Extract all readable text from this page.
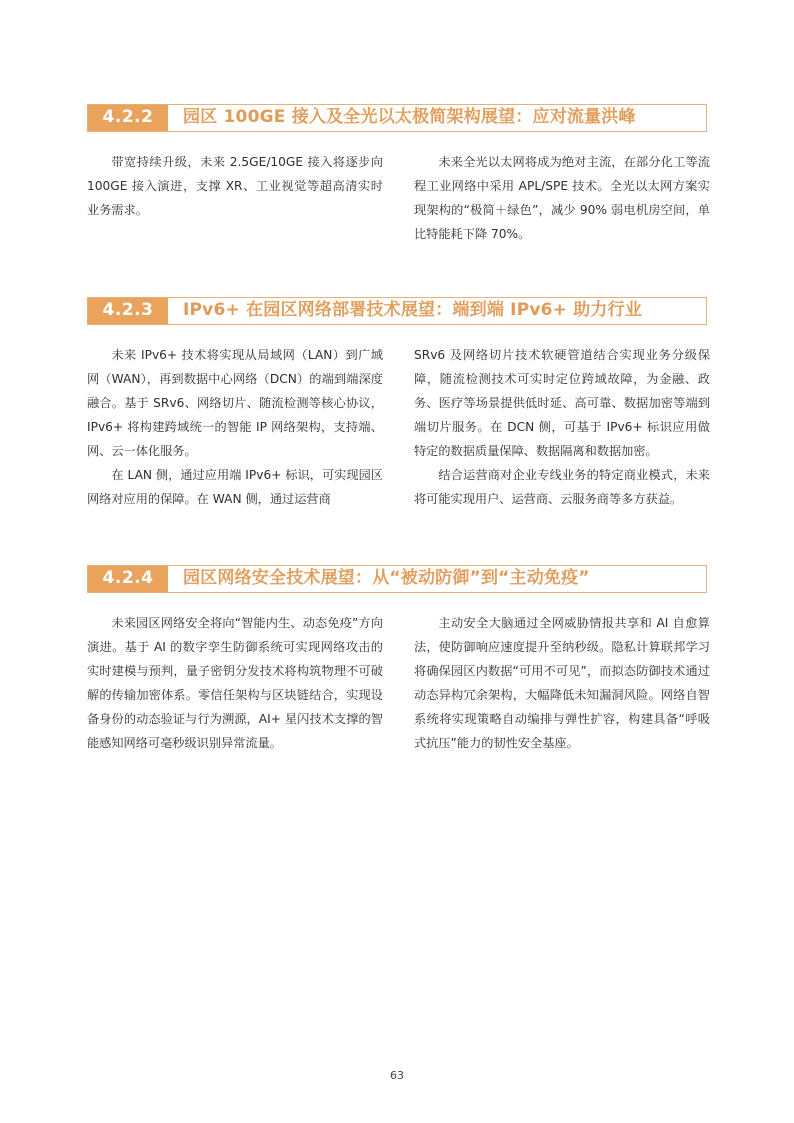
4.2.2	园区 100GE 接入及全光以太极简架构展望：应对流量洪峰

带宽持续升级，未来 2.5GE/10GE 接入将逐步向 100GE 接入演进，支撑 XR、工业视觉等超高清实时业务需求。

未来全光以太网将成为绝对主流，在部分化工等流程工业网络中采用 APL/SPE 技术。全光以太网方案实现架构的“极简＋绿色”，减少 90% 弱电机房空间，单比特能耗下降 70%。

4.2.3	IPv6+ 在园区网络部署技术展望：端到端 IPv6+ 助力行业

未来 IPv6+ 技术将实现从局域网（LAN）到广域网（WAN），再到数据中心网络（DCN）的端到端深度融合。基于 SRv6、网络切片、随流检测等核心协议，IPv6+ 将构建跨域统一的智能 IP 网络架构，支持端、网、云一体化服务。

在 LAN 侧，通过应用端 IPv6+ 标识，可实现园区网络对应用的保障。在 WAN 侧，通过运营商

SRv6 及网络切片技术软硬管道结合实现业务分级保障，随流检测技术可实时定位跨域故障，为金融、政务、医疗等场景提供低时延、高可靠、数据加密等端到端切片服务。在 DCN 侧，可基于 IPv6+ 标识应用做特定的数据质量保障、数据隔离和数据加密。

结合运营商对企业专线业务的特定商业模式，未来将可能实现用户、运营商、云服务商等多方获益。

4.2.4	园区网络安全技术展望：从“被动防御”到“主动免疫”

未来园区网络安全将向“智能内生、动态免疫”方向演进。基于 AI 的数字孪生防御系统可实现网络攻击的实时建模与预判，量子密钥分发技术将构筑物理不可破解的传输加密体系。零信任架构与区块链结合，实现设备身份的动态验证与行为溯源，AI+ 星闪技术支撑的智能感知网络可毫秒级识别异常流量。

主动安全大脑通过全网威胁情报共享和 AI 自愈算法，使防御响应速度提升至纳秒级。隐私计算联邦学习将确保园区内数据“可用不可见”，而拟态防御技术通过动态异构冗余架构，大幅降低未知漏洞风险。网络自智系统将实现策略自动编排与弹性扩容，构建具备“呼吸式抗压”能力的韧性安全基座。

63
